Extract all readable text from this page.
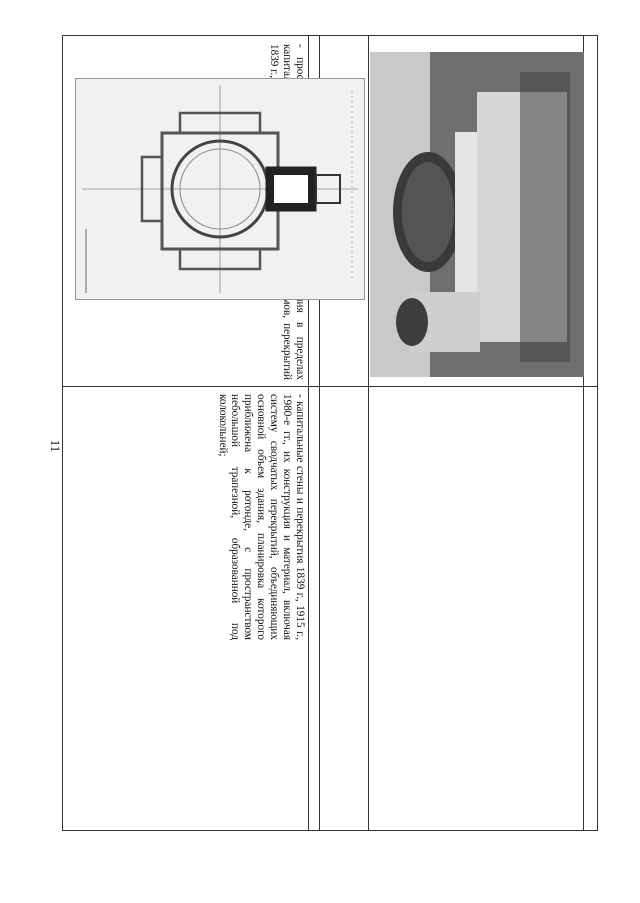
11	- капитальные стены и перекрытия 1839 г., 1915 г., 1980-е гг., их конструкция и материал, включая систему сводчатых перекрытий, объединяющих основной объем здания, планировка которого приближена к ротонде, с пространством небольшой трапезной, образованной под колокольней;
